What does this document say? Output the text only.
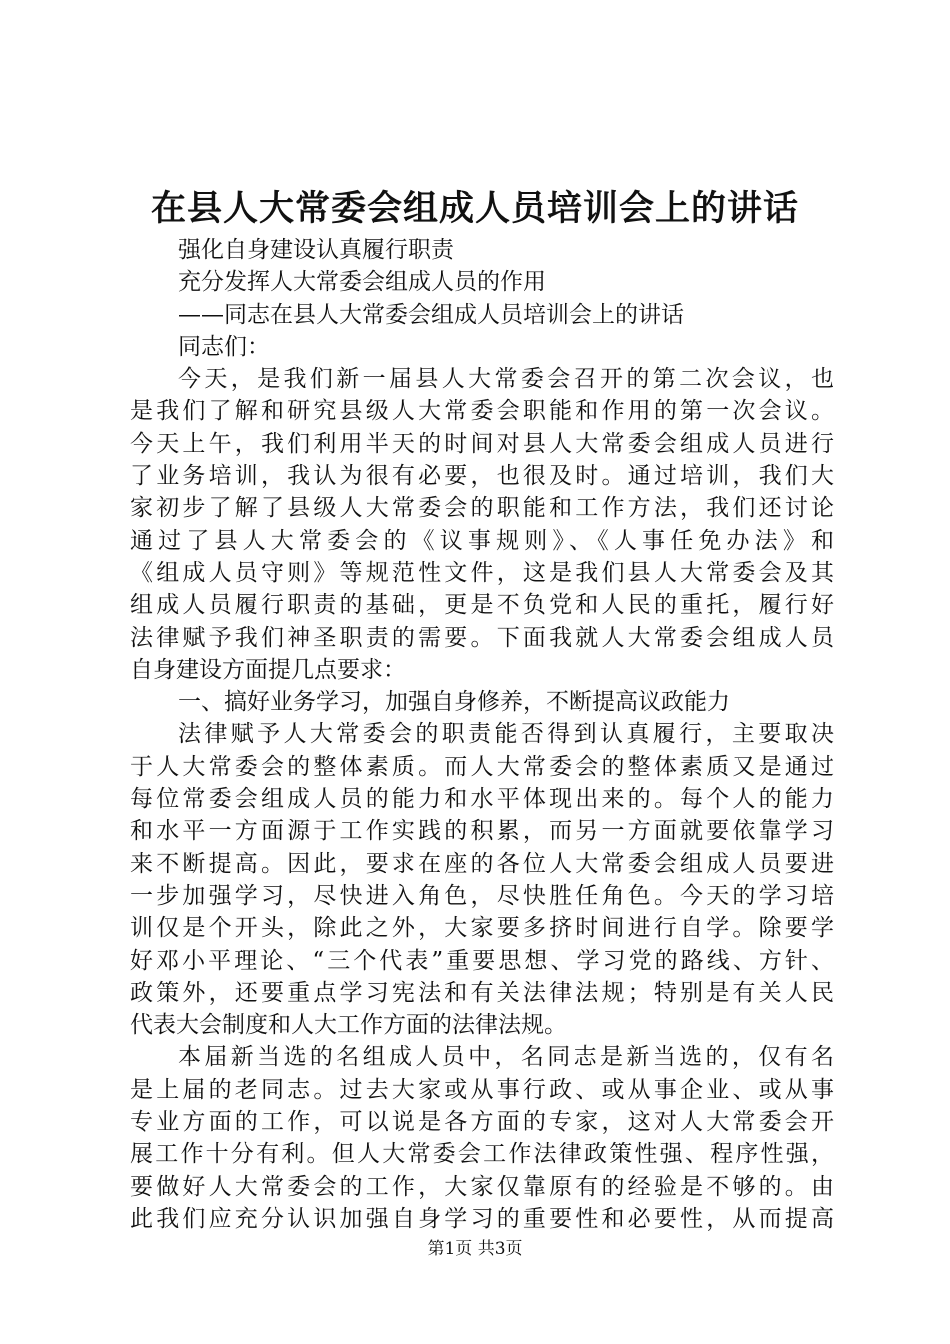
在县人大常委会组成人员培训会上的讲话
强化自身建设认真履行职责
充分发挥人大常委会组成人员的作用
——同志在县人大常委会组成人员培训会上的讲话
同志们：
今天，是我们新一届县人大常委会召开的第二次会议，也
是我们了解和研究县级人大常委会职能和作用的第一次会议。
今天上午，我们利用半天的时间对县人大常委会组成人员进行
了业务培训，我认为很有必要，也很及时。通过培训，我们大
家初步了解了县级人大常委会的职能和工作方法，我们还讨论
通过了县人大常委会的《议事规则》、《人事任免办法》和
《组成人员守则》等规范性文件，这是我们县人大常委会及其
组成人员履行职责的基础，更是不负党和人民的重托，履行好
法律赋予我们神圣职责的需要。下面我就人大常委会组成人员
自身建设方面提几点要求：
一、搞好业务学习，加强自身修养，不断提高议政能力
法律赋予人大常委会的职责能否得到认真履行，主要取决
于人大常委会的整体素质。而人大常委会的整体素质又是通过
每位常委会组成人员的能力和水平体现出来的。每个人的能力
和水平一方面源于工作实践的积累，而另一方面就要依靠学习
来不断提高。因此，要求在座的各位人大常委会组成人员要进
一步加强学习，尽快进入角色，尽快胜任角色。今天的学习培
训仅是个开头，除此之外，大家要多挤时间进行自学。除要学
好邓小平理论、“三个代表”重要思想、学习党的路线、方针、
政策外，还要重点学习宪法和有关法律法规；特别是有关人民
代表大会制度和人大工作方面的法律法规。
本届新当选的名组成人员中，名同志是新当选的，仅有名
是上届的老同志。过去大家或从事行政、或从事企业、或从事
专业方面的工作，可以说是各方面的专家，这对人大常委会开
展工作十分有利。但人大常委会工作法律政策性强、程序性强，
要做好人大常委会的工作，大家仅靠原有的经验是不够的。由
此我们应充分认识加强自身学习的重要性和必要性，从而提高
第1页 共3页
